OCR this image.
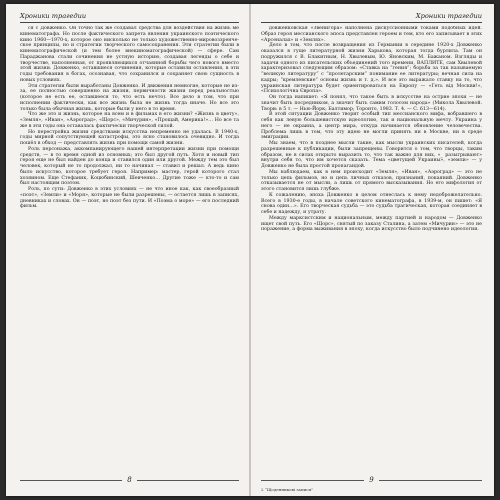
Хроники трагедии

ся с Довженко. Он точно так же создавал средства для воздействия на жизнь ме кинематографа. Но после фактического запрета явления украинского поэтического кино 1960—1970-х, которое оно нисколько не только художественно-мировоззренческое принципы, но и стратегии творческого самосохранения. Эти стратегии были в кинематографической (и тем более внекиноматографической) — сфере. Сам Параджанова стали сочинения не устную историю, создавая легенды о себе и творчестве, наполненная, от проявляющихся отчаянной борьбы чего нового вместо этой жизни. Довженко, оставшиеся сочинения, которые оставили оставления, в эти годы требования в богах, осознавая, что сохранился и сохраняет свою сущность в новых условиях.

Эти стратегии были выработаны Довженко. И движения немногие, которые не из-за, ее полностью совершенно на жизни, первичности жизни перед реальностью (которое не есть ее, оставшееся то, что есть нечто). Все дело в том, что при исполнении фактически, как все жизнь была не жизнь тогда иначе. Но все это только была обычная жизнь, которые были у него в то время.

Что же это и жизнь, которое на всем и в фильмах в его жизни? «Жизнь в цвету», «Земля», «Иван», «Аэроград», «Щорс», «Мичурин», «Прощай, Америка!»… Но все та же в эти годы она оставалась фактически творческой силой.

Но перестройка жизни средствами искусства непременно не удалась. В 1940-х, годы мирной сопутствующей катастрофы, это ясно становилось очевидно. И тогда пошёл в обход — представлять жизнь при помощи самой жизни.

Роль персонажа, аккомпанирующего нашей интерпретации жизни при помощи средств, — в то время одной из основных; это был другой путь. Хотя и новый тип героя еще не был найден до конца и ставился один или другой. Между тем это был человек, который не то продолжал, ни то начинал — ставил и решал. А ведь кино было искусство, которое требует героя. Например: мастер, герой которого стал хозяином. Еще Стефаник, Коцюбинский, Шевченко… Другие тоже — кто-то и сам был настоящим поэтом.

Роль, по сути: Довженко в этих условиях — не что иное как, как своеобразный «поэт», «Земли» и «Моря», которые не были разрешены, — остается лишь в записях, дневниках и словах. Он — поэт, но поэт без пути. И «Поэма о море» — его последний фильм.

8
Хроники трагедии

довженковская «Звенигора» наполнена дискуссионными токами подобных идей. Образ героя мессианского эпоса представлен героем и тем, кто его записывает в этих «Арсеналах» и «Землях».

Дело в том, что после возвращения из Германии в середине 1920-х Довженко оказался в гуще литературной жизни Харькова, которая тогда бурлила. Там он подружился с В. Блакитным, Н. Хвылевым, Ю. Яновским, М. Бажаном. Взгляды и задачи одного из писательских объединений того времени, ВАПЛИТЕ, сам Хвылевой характеризовал следующим образом: «Ставка на “гения”; борьба за так называемую “великую литературу” с “пролетарским” понимание ее литературы; вечная сила на кадры; “кремлевские” основы жизнь и т. д.». И все это выражало ставку на то, что украинская литература будет ориентироваться на Европу — «Геть від Москви!», «Психологічна Європа».

Он тогда напишет: «Я понял, что такое быть в искусстве на острие эпохи — не значит быть посредником, а значит быть самим голосом народа» (Микола Хвылевой. Твори: в 5 т. — Нью-Йорк; Балтимор; Торонто, 1983. Т. 4. — С. 613—614).

В этой ситуации Довженко творит особый тип мессианского мифа, вобравшего в себя как левую большевистскую идеологию, так и национальную мечту. Украина у него — не окраина, а центр мира, откуда начинается обновление человечества. Проблема лишь в том, что эту идею не могли принять ни в Москве, ни в среде эмиграции.

Мы знаем, что в позднее мысли такие, как мысли украинских писателей, когда разрешенные к публикации, были запрещены. Говорится о том, что творцы, таким образом, не в силах открыто выразить то, что так важно для них, «_ разыгрывают» внутри себя то, что им хочется сказать. Тема «цветущей Украины», «земли» — у Довженко не была простой пропагандой.

Мы наблюдаем, как в нем происходит «Земля», «Иван», «Аэроград» — это не только цепь фильмов, но и цепь личных отказов, признаний, покаяний. Довженко отказывается не от мысли, а лишь от прямого высказывания. Но его мифология от этого становится лишь глубже.

К сожалению, эпоха Довженко в целом отнеслась к нему недоброжелательно. Всего в 1930-е годы, в начале советского кинематографа, в 1939-м, он пишет: «Я снова один…». Его творческая судьба — это судьба трагическая, которая соединяет в себе и надежду, и утрату.

Между марксистским и национальным, между партией и народом — Довженко ищет свой путь. Его «Щорс», снятый по заказу Сталина, а затем «Мичурин» — это не поражение, а форма выживания в эпоху, когда искусство было подчинено идеологии.

9
2 “Щоденникові записи”
